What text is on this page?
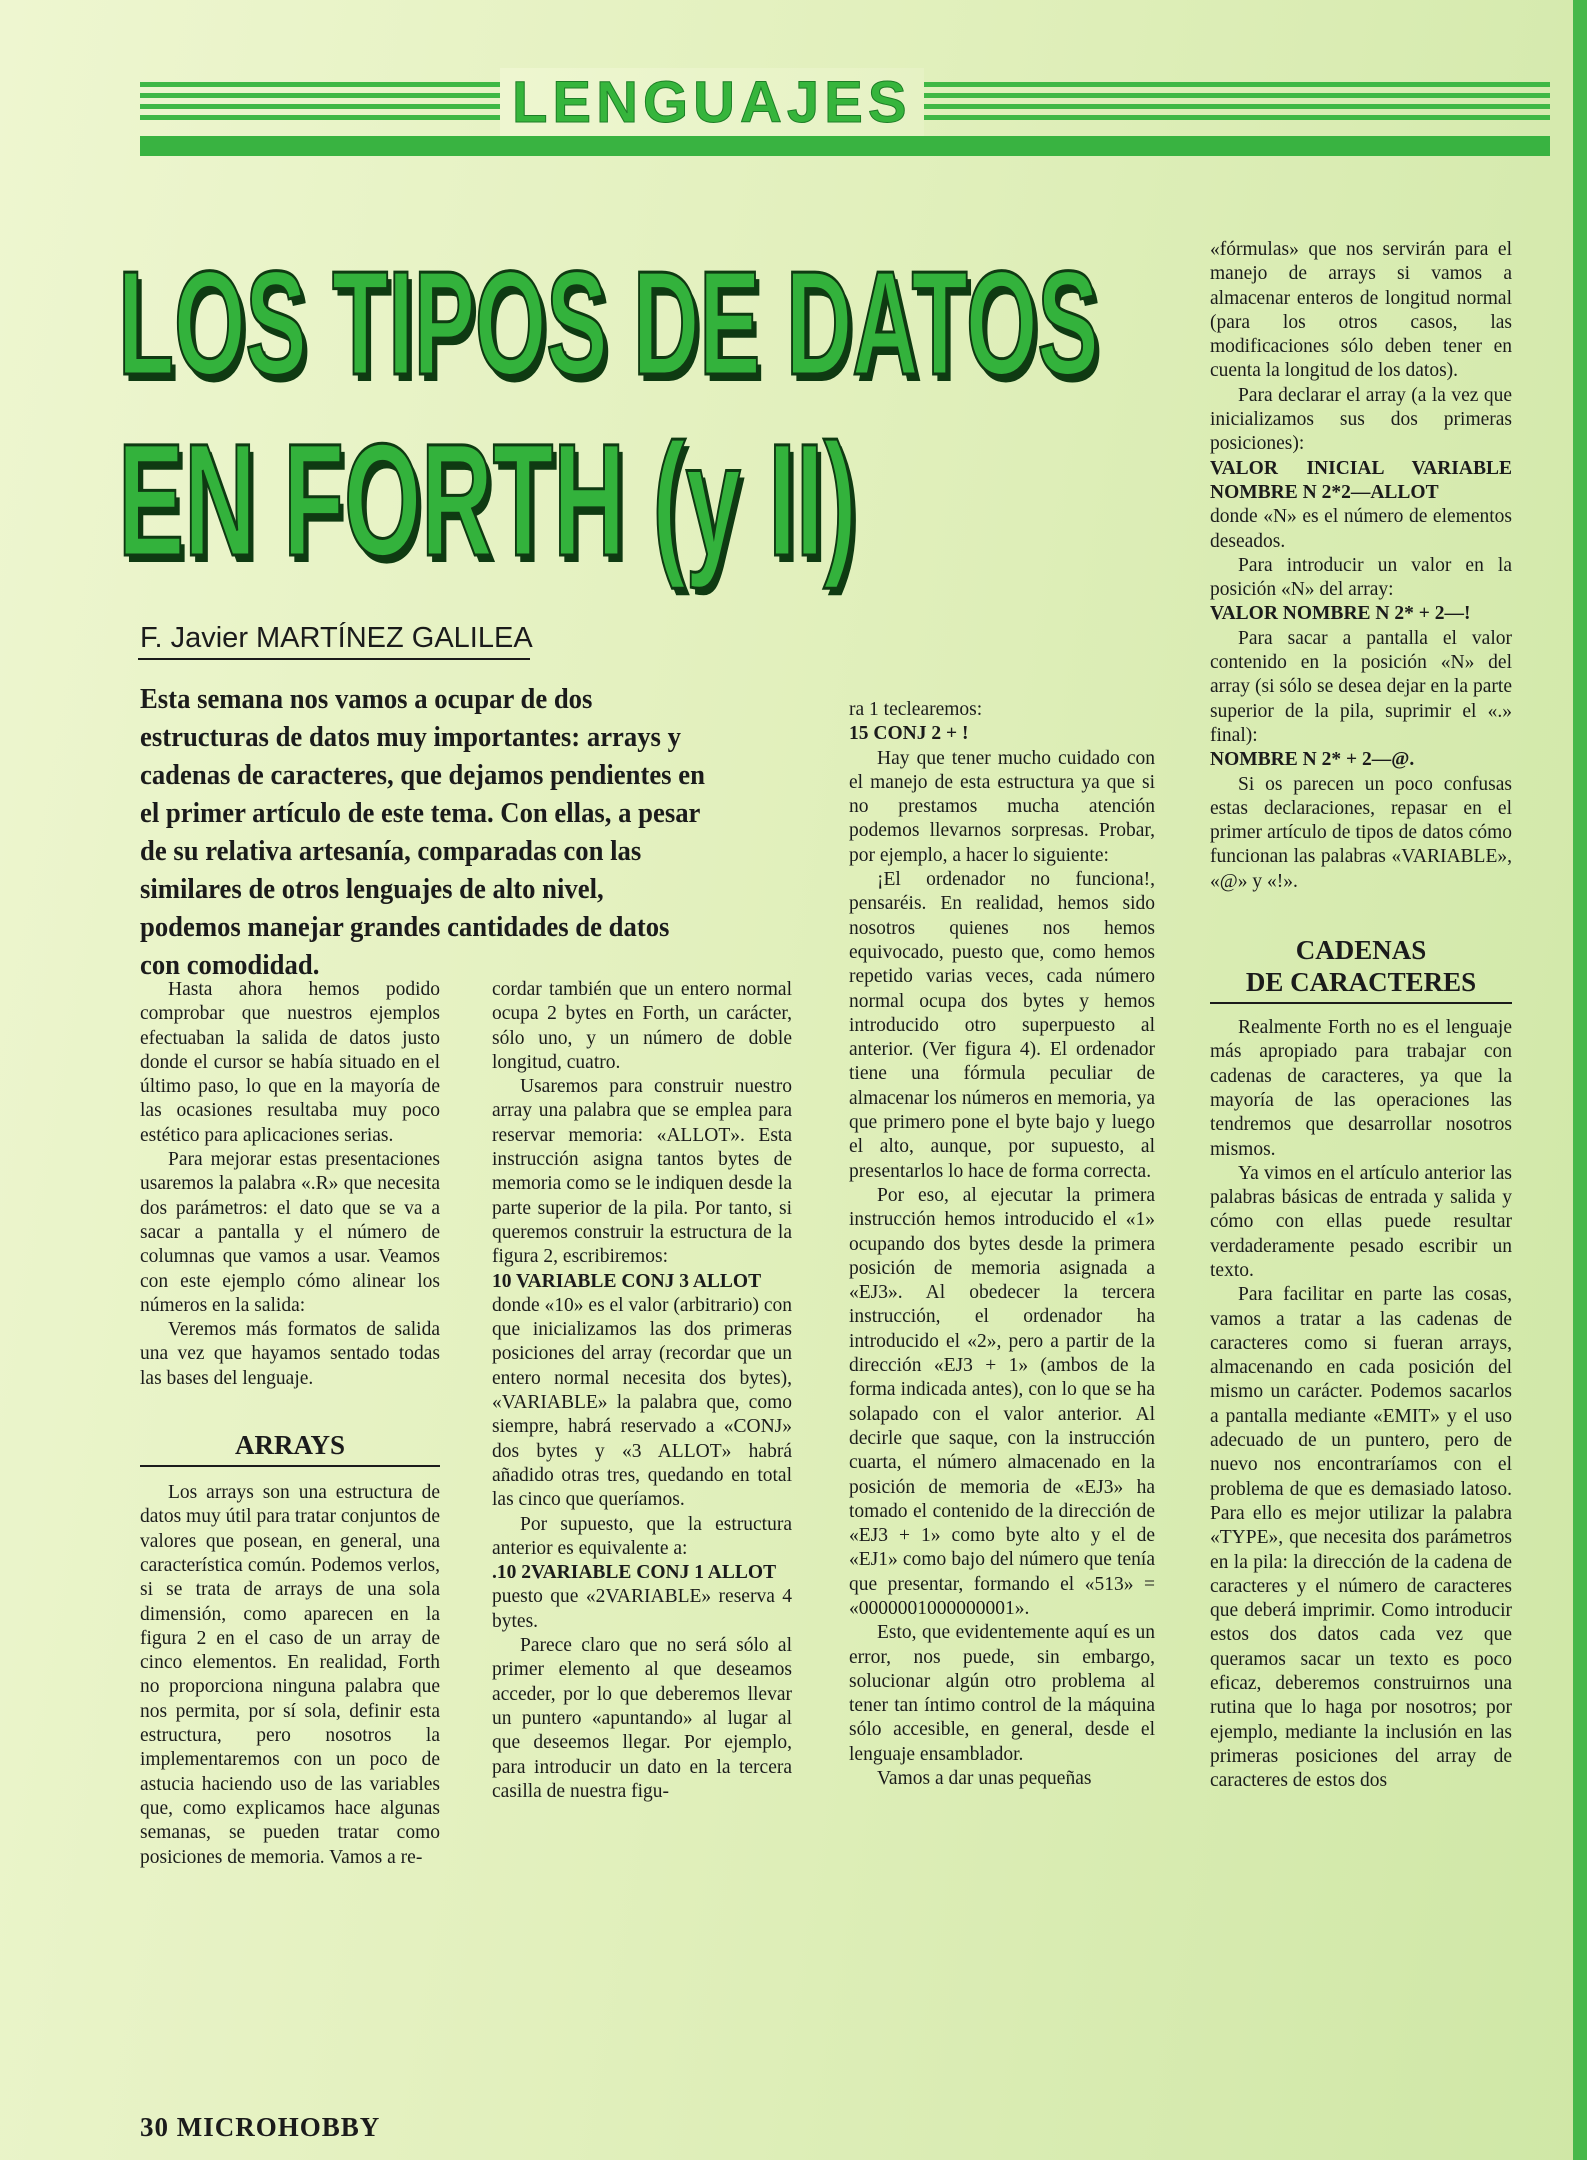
LENGUAJES
LOS TIPOS DE DATOS
EN FORTH (y II)
F. Javier MARTÍNEZ GALILEA
Esta semana nos vamos a ocupar de dos estructuras de datos muy importantes: arrays y cadenas de caracteres, que dejamos pendientes en el primer artículo de este tema. Con ellas, a pesar de su relativa artesanía, comparadas con las similares de otros lenguajes de alto nivel, podemos manejar grandes cantidades de datos con comodidad.

Hasta ahora hemos podido comprobar que nuestros ejemplos efectuaban la salida de datos justo donde el cursor se había situado en el último paso, lo que en la mayoría de las ocasiones resultaba muy poco estético para aplicaciones serias.

Para mejorar estas presentaciones usaremos la palabra «.R» que necesita dos parámetros: el dato que se va a sacar a pantalla y el número de columnas que vamos a usar. Veamos con este ejemplo cómo alinear los números en la salida:

Veremos más formatos de salida una vez que hayamos sentado todas las bases del lenguaje.

ARRAYS

Los arrays son una estructura de datos muy útil para tratar conjuntos de valores que posean, en general, una característica común. Podemos verlos, si se trata de arrays de una sola dimensión, como aparecen en la figura 2 en el caso de un array de cinco elementos. En realidad, Forth no proporciona ninguna palabra que nos permita, por sí sola, definir esta estructura, pero nosotros la implementaremos con un poco de astucia haciendo uso de las variables que, como explicamos hace algunas semanas, se pueden tratar como posiciones de memoria. Vamos a re-

cordar también que un entero normal ocupa 2 bytes en Forth, un carácter, sólo uno, y un número de doble longitud, cuatro.

Usaremos para construir nuestro array una palabra que se emplea para reservar memoria: «ALLOT». Esta instrucción asigna tantos bytes de memoria como se le indiquen desde la parte superior de la pila. Por tanto, si queremos construir la estructura de la figura 2, escribiremos:

10 VARIABLE CONJ 3 ALLOT

donde «10» es el valor (arbitrario) con que inicializamos las dos primeras posiciones del array (recordar que un entero normal necesita dos bytes), «VARIABLE» la palabra que, como siempre, habrá reservado a «CONJ» dos bytes y «3 ALLOT» habrá añadido otras tres, quedando en total las cinco que queríamos.

Por supuesto, que la estructura anterior es equivalente a:

.10 2VARIABLE CONJ 1 ALLOT

puesto que «2VARIABLE» reserva 4 bytes.

Parece claro que no será sólo al primer elemento al que deseamos acceder, por lo que deberemos llevar un puntero «apuntando» al lugar al que deseemos llegar. Por ejemplo, para introducir un dato en la tercera casilla de nuestra figu-

ra 1 teclearemos:

15 CONJ 2 + !

Hay que tener mucho cuidado con el manejo de esta estructura ya que si no prestamos mucha atención podemos llevarnos sorpresas. Probar, por ejemplo, a hacer lo siguiente:

¡El ordenador no funciona!, pensaréis. En realidad, hemos sido nosotros quienes nos hemos equivocado, puesto que, como hemos repetido varias veces, cada número normal ocupa dos bytes y hemos introducido otro superpuesto al anterior. (Ver figura 4). El ordenador tiene una fórmula peculiar de almacenar los números en memoria, ya que primero pone el byte bajo y luego el alto, aunque, por supuesto, al presentarlos lo hace de forma correcta.

Por eso, al ejecutar la primera instrucción hemos introducido el «1» ocupando dos bytes desde la primera posición de memoria asignada a «EJ3». Al obedecer la tercera instrucción, el ordenador ha introducido el «2», pero a partir de la dirección «EJ3 + 1» (ambos de la forma indicada antes), con lo que se ha solapado con el valor anterior. Al decirle que saque, con la instrucción cuarta, el número almacenado en la posición de memoria de «EJ3» ha tomado el contenido de la dirección de «EJ3 + 1» como byte alto y el de «EJ1» como bajo del número que tenía que presentar, formando el «513» = «0000001000000001».

Esto, que evidentemente aquí es un error, nos puede, sin embargo, solucionar algún otro problema al tener tan íntimo control de la máquina sólo accesible, en general, desde el lenguaje ensamblador.

Vamos a dar unas pequeñas

«fórmulas» que nos servirán para el manejo de arrays si vamos a almacenar enteros de longitud normal (para los otros casos, las modificaciones sólo deben tener en cuenta la longitud de los datos).

Para declarar el array (a la vez que inicializamos sus dos primeras posiciones):

VALOR INICIAL VARIABLE NOMBRE N 2*2—ALLOT

donde «N» es el número de elementos deseados.

Para introducir un valor en la posición «N» del array:

VALOR NOMBRE N 2* + 2—!

Para sacar a pantalla el valor contenido en la posición «N» del array (si sólo se desea dejar en la parte superior de la pila, suprimir el «.» final):

NOMBRE N 2* + 2—@.

Si os parecen un poco confusas estas declaraciones, repasar en el primer artículo de tipos de datos cómo funcionan las palabras «VARIABLE», «@» y «!».

CADENAS
DE CARACTERES

Realmente Forth no es el lenguaje más apropiado para trabajar con cadenas de caracteres, ya que la mayoría de las operaciones las tendremos que desarrollar nosotros mismos.

Ya vimos en el artículo anterior las palabras básicas de entrada y salida y cómo con ellas puede resultar verdaderamente pesado escribir un texto.

Para facilitar en parte las cosas, vamos a tratar a las cadenas de caracteres como si fueran arrays, almacenando en cada posición del mismo un carácter. Podemos sacarlos a pantalla mediante «EMIT» y el uso adecuado de un puntero, pero de nuevo nos encontraríamos con el problema de que es demasiado latoso. Para ello es mejor utilizar la palabra «TYPE», que necesita dos parámetros en la pila: la dirección de la cadena de caracteres y el número de caracteres que deberá imprimir. Como introducir estos dos datos cada vez que queramos sacar un texto es poco eficaz, deberemos construirnos una rutina que lo haga por nosotros; por ejemplo, mediante la inclusión en las primeras posiciones del array de caracteres de estos dos

30 MICROHOBBY
